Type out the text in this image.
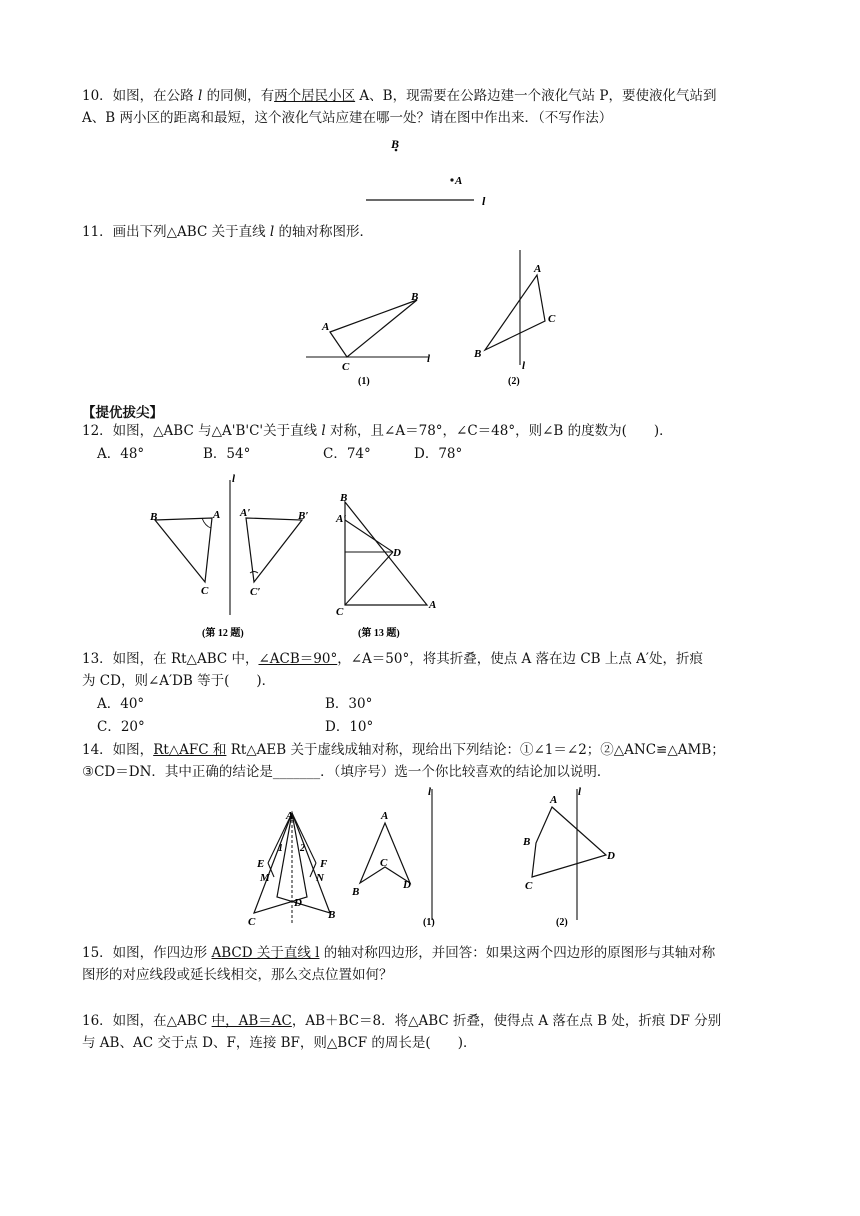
10．如图，在公路 l 的同侧，有两个居民小区 A、B，现需要在公路边建一个液化气站 P，要使液化气站到
A、B 两小区的距离和最短，这个液化气站应建在哪一处？请在图中作出来．（不写作法）
B
A
l
11．画出下列△ABC 关于直线 l 的轴对称图形．
A
B
C
l
(1)
A
C
B
l
(2)
【提优拔尖】
12．如图，△ABC 与△A'B'C'关于直线 l 对称，且∠A＝78°，∠C＝48°，则∠B 的度数为(　　)．
A．48°	B．54°	C．74°	D．78°
l
B	A
C
A′	B′
C′
(第 12 题)
B
A′
D
C
A
(第 13 题)
13．如图，在 Rt△ABC 中，∠ACB＝90°，∠A＝50°，将其折叠，使点 A 落在边 CB 上点 A′处，折痕
为 CD，则∠A′DB 等于(　　)．
A．40°	B．30°
C．20°	D．10°
14．如图，Rt△AFC 和 Rt△AEB 关于虚线成轴对称，现给出下列结论：①∠1＝∠2；②△ANC≌△AMB；
③CD＝DN．其中正确的结论是_______．（填序号）选一个你比较喜欢的结论加以说明．
A
E	F
M	N
D
C
B
1 2
l
A
C
B
D
(1)
l
A
B
C
D
(2)
15．如图，作四边形 ABCD 关于直线 l 的轴对称四边形，并回答：如果这两个四边形的原图形与其轴对称
图形的对应线段或延长线相交，那么交点位置如何？
16．如图，在△ABC 中，AB＝AC，AB＋BC＝8．将△ABC 折叠，使得点 A 落在点 B 处，折痕 DF 分别
与 AB、AC 交于点 D、F，连接 BF，则△BCF 的周长是(　　)．
